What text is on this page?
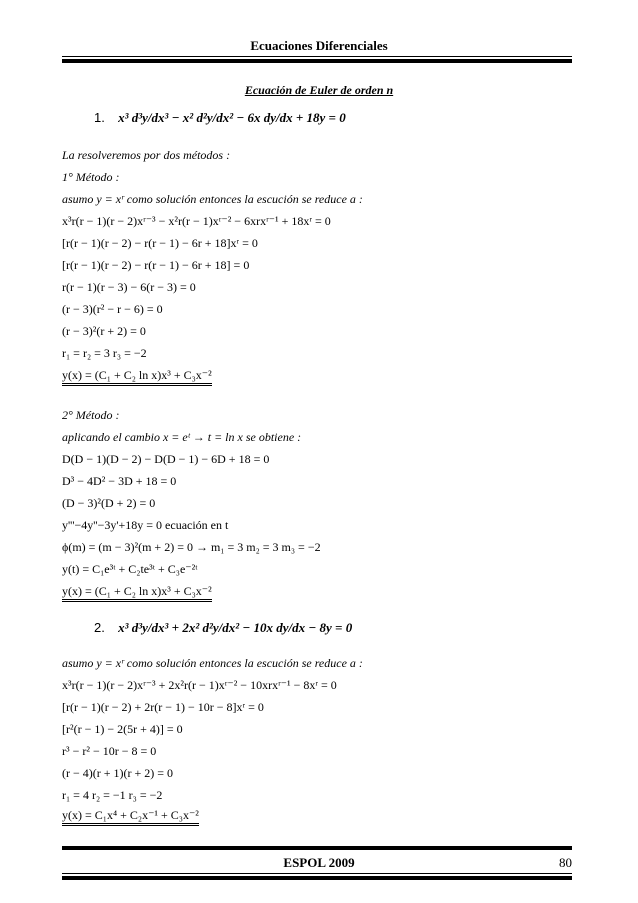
Ecuaciones Diferenciales
Ecuación de Euler de orden n
1. x³ d³y/dx³ − x² d²y/dx² − 6x dy/dx + 18y = 0
La resolveremos por dos métodos :
1° Método :
asumo y = xʳ como solución entonces la escución se reduce a :
x³r(r − 1)(r − 2)xʳ⁻³ − x²r(r − 1)xʳ⁻² − 6xrxʳ⁻¹ + 18xʳ = 0
[r(r − 1)(r − 2) − r(r − 1) − 6r + 18]xʳ = 0
[r(r − 1)(r − 2) − r(r − 1) − 6r + 18] = 0
r(r − 1)(r − 3) − 6(r − 3) = 0
(r − 3)(r² − r − 6) = 0
(r − 3)²(r + 2) = 0
r₁ = r₂ = 3 r₃ = −2
y(x) = (C₁ + C₂ ln x)x³ + C₃x⁻²
2° Método :
aplicando el cambio x = eᵗ → t = ln x se obtiene :
D(D − 1)(D − 2) − D(D − 1) − 6D + 18 = 0
D³ − 4D² − 3D + 18 = 0
(D − 3)²(D + 2) = 0
y'''−4y''−3y'+18y = 0 ecuación en t
ϕ(m) = (m − 3)²(m + 2) = 0 → m₁ = 3 m₂ = 3 m₃ = −2
y(t) = C₁e³ᵗ + C₂te³ᵗ + C₃e⁻²ᵗ
y(x) = (C₁ + C₂ ln x)x³ + C₃x⁻²
2. x³ d³y/dx³ + 2x² d²y/dx² − 10x dy/dx − 8y = 0
asumo y = xʳ como solución entonces la escución se reduce a :
x³r(r − 1)(r − 2)xʳ⁻³ + 2x²r(r − 1)xʳ⁻² − 10xrxʳ⁻¹ − 8xʳ = 0
[r(r − 1)(r − 2) + 2r(r − 1) − 10r − 8]xʳ = 0
[r²(r − 1) − 2(5r + 4)] = 0
r³ − r² − 10r − 8 = 0
(r − 4)(r + 1)(r + 2) = 0
r₁ = 4 r₂ = −1 r₃ = −2
y(x) = C₁x⁴ + C₂x⁻¹ + C₃x⁻²
ESPOL 2009	80
